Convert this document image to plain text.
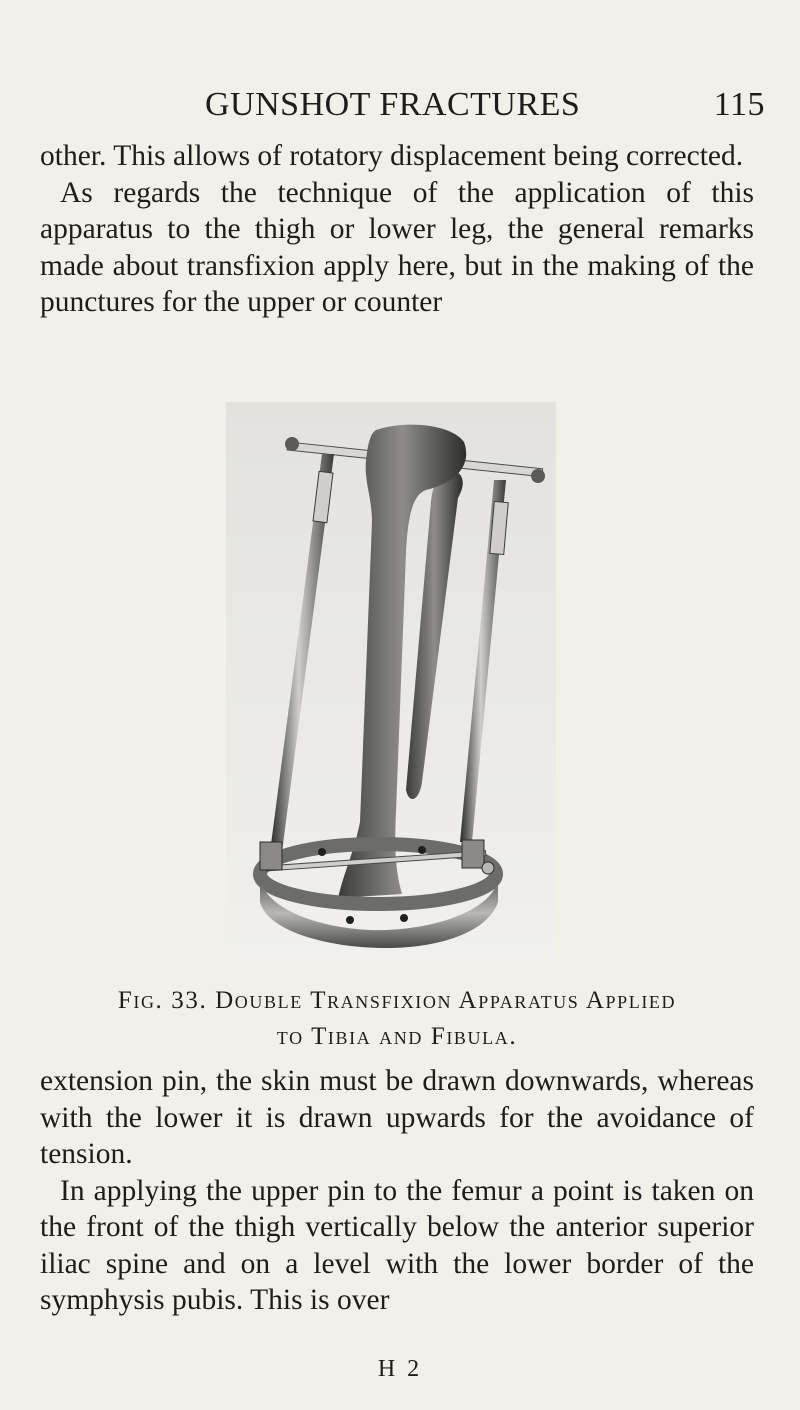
GUNSHOT FRACTURES	115
other. This allows of rotatory displacement being corrected.
As regards the technique of the application of this apparatus to the thigh or lower leg, the general remarks made about transfixion apply here, but in the making of the punctures for the upper or counter
Fig. 33. Double Transfixion Apparatus Applied
to Tibia and Fibula.
extension pin, the skin must be drawn downwards, whereas with the lower it is drawn upwards for the avoidance of tension.
In applying the upper pin to the femur a point is taken on the front of the thigh vertically below the anterior superior iliac spine and on a level with the lower border of the symphysis pubis. This is over
H 2
